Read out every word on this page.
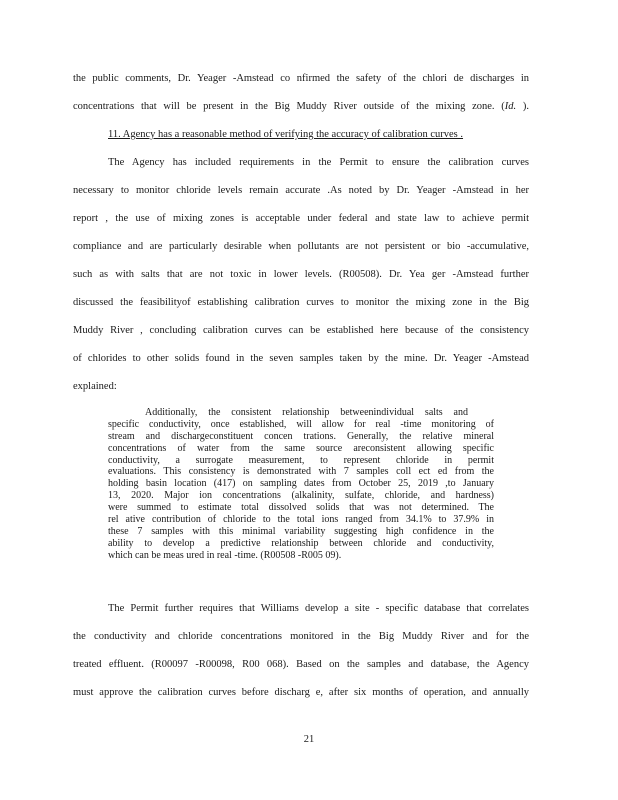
the public comments, Dr. Yeager -Amstead co nfirmed the safety of the chlori de discharges in
concentrations that will be present in the Big Muddy River outside of the mixing zone. (Id. ).
11. Agency has a reasonable method of verifying the accuracy of calibration curves .
The Agency has included requirements in the Permit to ensure the calibration curves
necessary to monitor chloride levels remain accurate .As noted by Dr. Yeager -Amstead in her
report , the use of mixing zones is acceptable under federal and state law to achieve permit
compliance and are particularly desirable when pollutants are not persistent or bio -accumulative,
such as with salts that are not toxic in lower levels. (R00508). Dr. Yea ger -Amstead further
discussed the feasibilityof establishing calibration curves to monitor the mixing zone in the Big
Muddy River , concluding calibration curves can be established here because of the consistency
of chlorides to other solids found in the seven samples taken by the mine. Dr. Yeager -Amstead
explained:
Additionally, the consistent relationship betweenindividual salts and
specific conductivity, once established, will allow for real -time monitoring of
stream and dischargeconstituent concen trations. Generally, the relative mineral
concentrations of water from the same source areconsistent allowing specific
conductivity, a surrogate measurement, to represent chloride in permit
evaluations. This consistency is demonstrated with 7 samples coll ect ed from the
holding basin location (417) on sampling dates from October 25, 2019 ,to January
13, 2020. Major ion concentrations (alkalinity, sulfate, chloride, and hardness)
were summed to estimate total dissolved solids that was not determined. The
rel ative contribution of chloride to the total ions ranged from 34.1% to 37.9% in
these 7 samples with this minimal variability suggesting high confidence in the
ability to develop a predictive relationship between chloride and conductivity,
which can be meas ured in real -time. (R00508 -R005 09).
The Permit further requires that Williams develop a site - specific database that correlates
the conductivity and chloride concentrations monitored in the Big Muddy River and for the
treated effluent. (R00097 -R00098, R00 068). Based on the samples and database, the Agency
must approve the calibration curves before discharg e, after six months of operation, and annually
21
